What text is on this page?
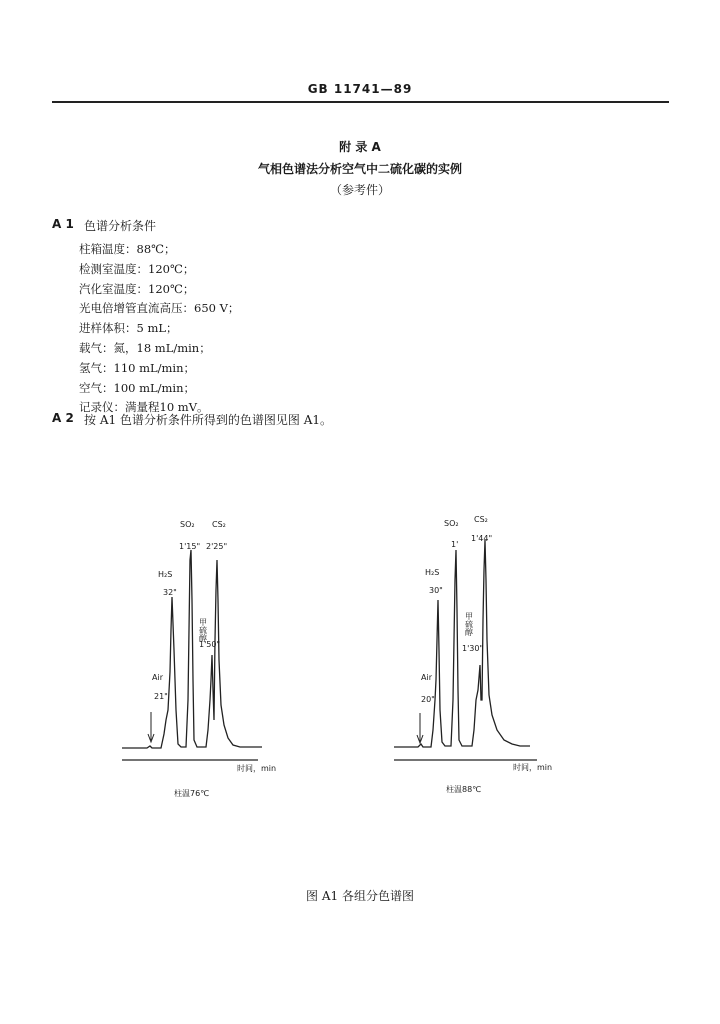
GB 11741—89
附 录 A
气相色谱法分析空气中二硫化碳的实例
（参考件）
A 1 色谱分析条件
柱箱温度：88℃；
检测室温度：120℃；
汽化室温度：120℃；
光电倍增管直流高压：650 V；
进样体积：5 mL；
载气：氮，18 mL/min；
氢气：110 mL/min；
空气：100 mL/min；
记录仪：满量程10 mV。
A 2 按 A1 色谱分析条件所得到的色谱图见图 A1。
Air
21"
H₂S
32"
SO₂
1'15"
甲硫醇
1'50"
CS₂
2'25"
时间，min
柱温76℃
Air
20"
H₂S
30"
SO₂
1'
甲硫醇
1'30"
CS₂
1'44"
时间，min
柱温88℃
图 A1 各组分色谱图
